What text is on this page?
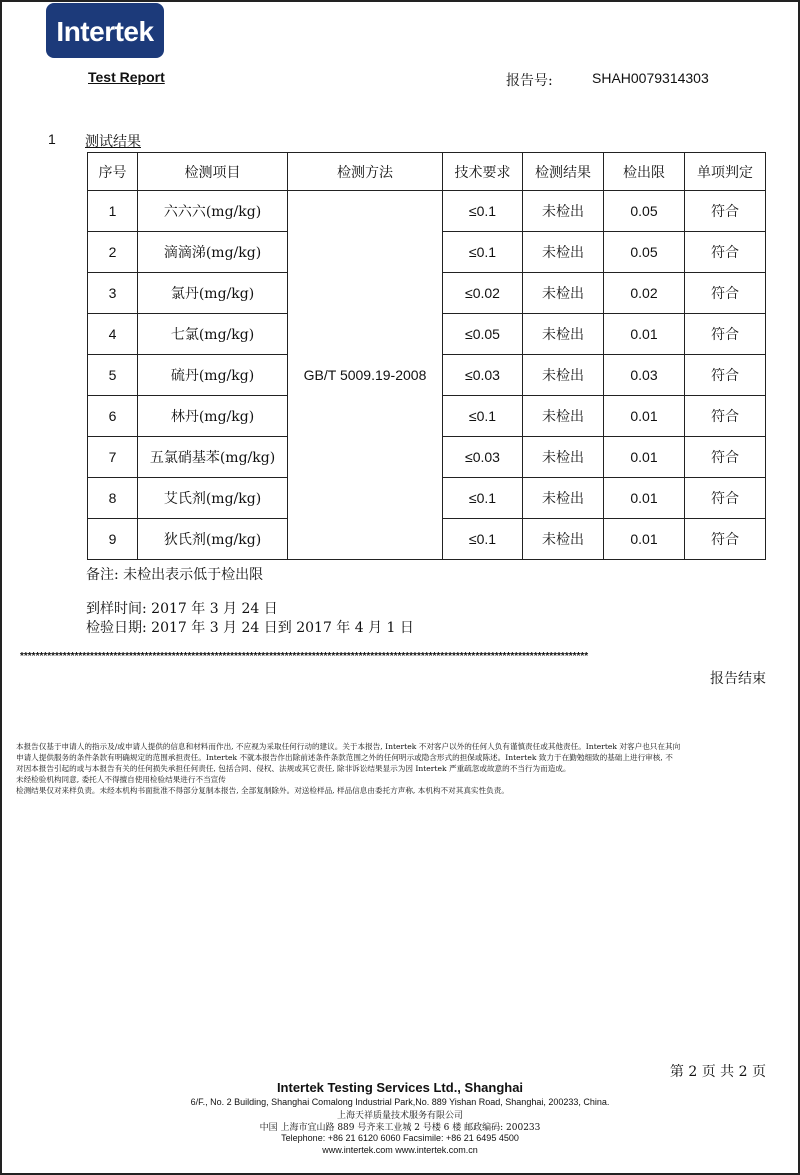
Intertek
Test Report	报告号:	SHAH0079314303
1 测试结果
序号	检测项目	检测方法	技术要求	检测结果	检出限	单项判定
1	六六六(mg/kg)	GB/T 5009.19-2008	≤0.1	未检出	0.05	符合
2	滴滴涕(mg/kg)		≤0.1	未检出	0.05	符合
3	氯丹(mg/kg)		≤0.02	未检出	0.02	符合
4	七氯(mg/kg)		≤0.05	未检出	0.01	符合
5	硫丹(mg/kg)		≤0.03	未检出	0.03	符合
6	林丹(mg/kg)		≤0.1	未检出	0.01	符合
7	五氯硝基苯(mg/kg)		≤0.03	未检出	0.01	符合
8	艾氏剂(mg/kg)		≤0.1	未检出	0.01	符合
9	狄氏剂(mg/kg)		≤0.1	未检出	0.01	符合
备注: 未检出表示低于检出限
到样时间: 2017 年 3 月 24 日
检验日期: 2017 年 3 月 24 日到 2017 年 4 月 1 日
**************************************************************************************************************************************************
报告结束

本报告仅基于申请人的指示及/或申请人提供的信息和材料而作出, 不应视为采取任何行动的建议。关于本报告, Intertek 不对客户以外的任何人负有谨慎责任或其他责任。Intertek 对客户也只在其向

申请人提供服务的条件条款有明确规定的范围承担责任。Intertek 不就本报告作出除前述条件条款范围之外的任何明示或隐含形式的担保或陈述。Intertek 致力于在勤勉细致的基础上进行审核, 不

对因本报告引起的或与本报告有关的任何损失承担任何责任, 包括合同、侵权、法规或其它责任, 除非诉讼结果显示为因 Intertek 严重疏忽或故意的不当行为而造成。

未经检验机构同意, 委托人不得擅自使用检验结果进行不当宣传

检测结果仅对来样负责。未经本机构书面批准不得部分复制本报告, 全部复制除外。对送检样品, 样品信息由委托方声称, 本机构不对其真实性负责。

第 2 页 共 2 页
Intertek Testing Services Ltd., Shanghai
6/F., No. 2 Building, Shanghai Comalong Industrial Park,No. 889 Yishan Road, Shanghai, 200233, China.
上海天祥质量技术服务有限公司
中国 上海市宜山路 889 号齐来工业城 2 号楼 6 楼 邮政编码: 200233
Telephone: +86 21 6120 6060 Facsimile: +86 21 6495 4500
www.intertek.com www.intertek.com.cn
